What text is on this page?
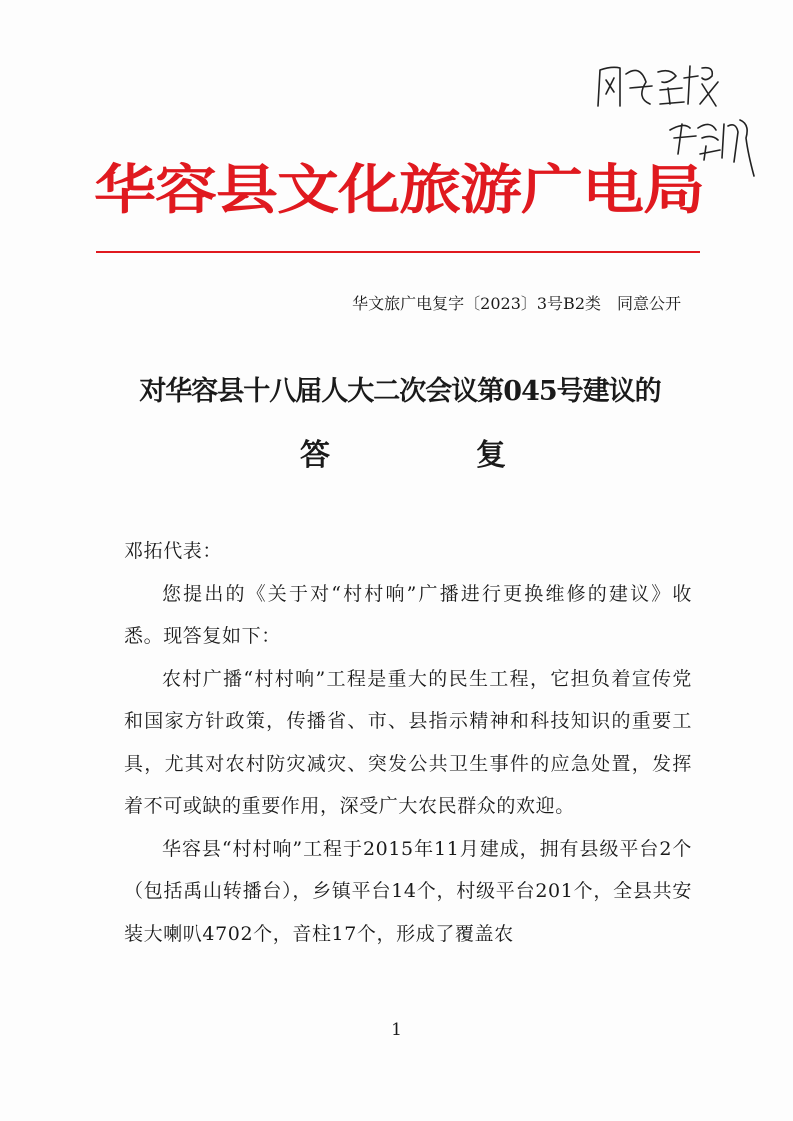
华容县文化旅游广电局
华文旅广电复字〔2023〕3号B2类　同意公开
对华容县十八届人大二次会议第045号建议的
答	复

邓拓代表：

您提出的《关于对“村村响”广播进行更换维修的建议》收悉。现答复如下：

农村广播“村村响”工程是重大的民生工程，它担负着宣传党和国家方针政策，传播省、市、县指示精神和科技知识的重要工具，尤其对农村防灾减灾、突发公共卫生事件的应急处置，发挥着不可或缺的重要作用，深受广大农民群众的欢迎。

华容县“村村响”工程于2015年11月建成，拥有县级平台2个（包括禹山转播台），乡镇平台14个，村级平台201个，全县共安装大喇叭4702个，音柱17个，形成了覆盖农

1
